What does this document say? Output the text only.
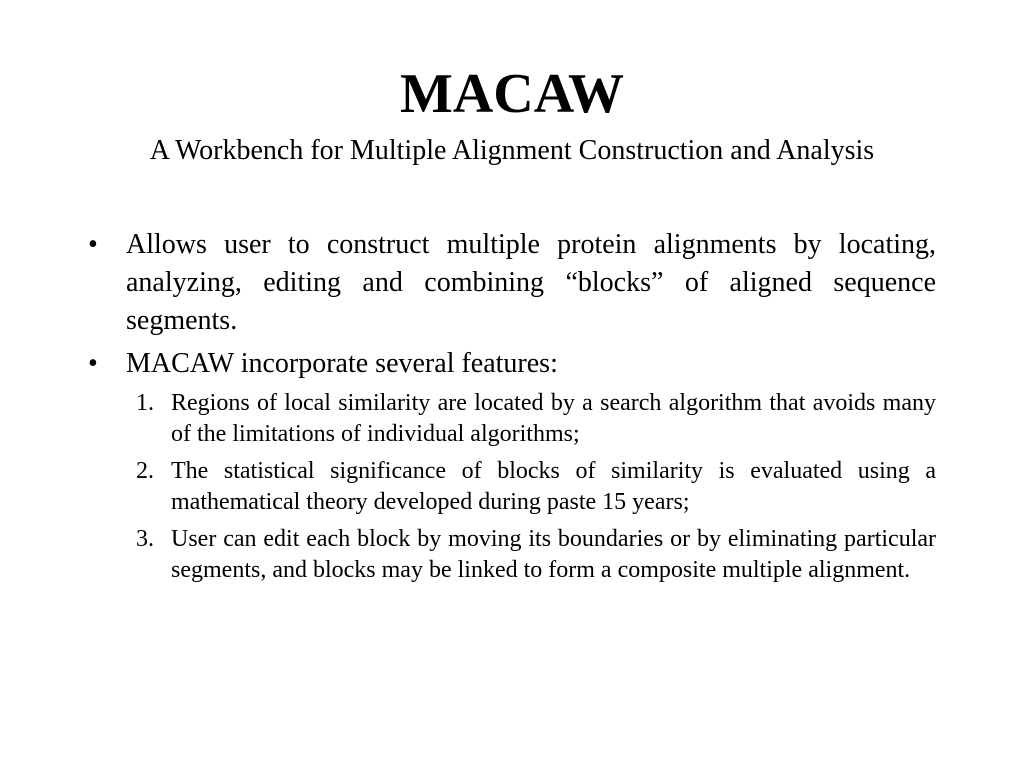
MACAW

A Workbench for Multiple Alignment Construction and Analysis

• Allows user to construct multiple protein alignments by locating, analyzing, editing and combining “blocks” of aligned sequence segments.
• MACAW incorporate several features:
1. Regions of local similarity are located by a search algorithm that avoids many of the limitations of individual algorithms;
2. The statistical significance of blocks of similarity is evaluated using a mathematical theory developed during paste 15 years;
3. User can edit each block by moving its boundaries or by eliminating particular segments, and blocks may be linked to form a composite multiple alignment.
